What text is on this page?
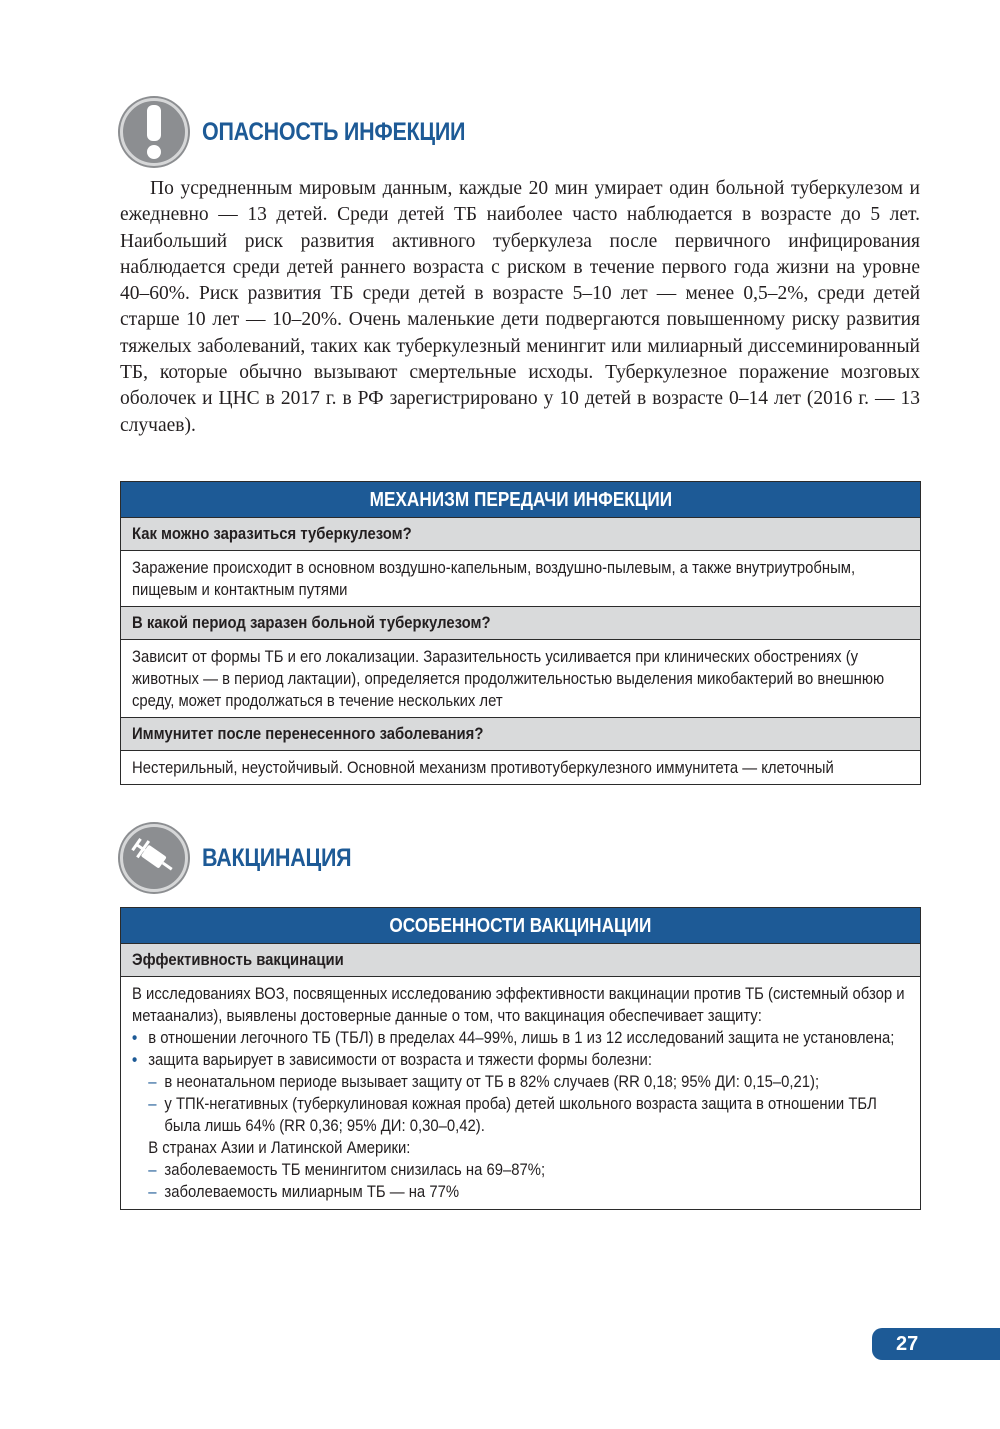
ОПАСНОСТЬ ИНФЕКЦИИ

По усредненным мировым данным, каждые 20 мин умирает один больной туберкулезом и ежедневно — 13 детей. Среди детей ТБ наиболее часто наблюдается в возрасте до 5 лет. Наибольший риск развития активного туберкулеза после первичного инфицирования наблюдается среди детей раннего возраста с риском в течение первого года жизни на уровне 40–60%. Риск развития ТБ среди детей в возрасте 5–10 лет — менее 0,5–2%, среди детей старше 10 лет — 10–20%. Очень маленькие дети подвергаются повышенному риску развития тяжелых заболеваний, таких как туберкулезный менингит или милиарный диссеминированный ТБ, которые обычно вызывают смертельные исходы. Туберкулезное поражение мозговых оболочек и ЦНС в 2017 г. в РФ зарегистрировано у 10 детей в возрасте 0–14 лет (2016 г. — 13 случаев).

МЕХАНИЗМ ПЕРЕДАЧИ ИНФЕКЦИИ
Как можно заразиться туберкулезом?
Заражение происходит в основном воздушно-капельным, воздушно-пылевым, а также внутриутробным, пищевым и контактным путями
В какой период заразен больной туберкулезом?
Зависит от формы ТБ и его локализации. Заразительность усиливается при клинических обострениях (у животных — в период лактации), определяется продолжительностью выделения микобактерий во внешнюю среду, может продолжаться в течение нескольких лет
Иммунитет после перенесенного заболевания?
Нестерильный, неустойчивый. Основной механизм противотуберкулезного иммунитета — клеточный
ВАКЦИНАЦИЯ
ОСОБЕННОСТИ ВАКЦИНАЦИИ
Эффективность вакцинации
В исследованиях ВОЗ, посвященных исследованию эффективности вакцинации против ТБ (системный обзор и метаанализ), выявлены достоверные данные о том, что вакцинация обеспечивает защиту:
• в отношении легочного ТБ (ТБЛ) в пределах 44–99%, лишь в 1 из 12 исследований защита не установлена;
• защита варьирует в зависимости от возраста и тяжести формы болезни:
– в неонатальном периоде вызывает защиту от ТБ в 82% случаев (RR 0,18; 95% ДИ: 0,15–0,21);
– у ТПК-негативных (туберкулиновая кожная проба) детей школьного возраста защита в отношении ТБЛ была лишь 64% (RR 0,36; 95% ДИ: 0,30–0,42).
В странах Азии и Латинской Америки:
– заболеваемость ТБ менингитом снизилась на 69–87%;
– заболеваемость милиарным ТБ — на 77%
27
